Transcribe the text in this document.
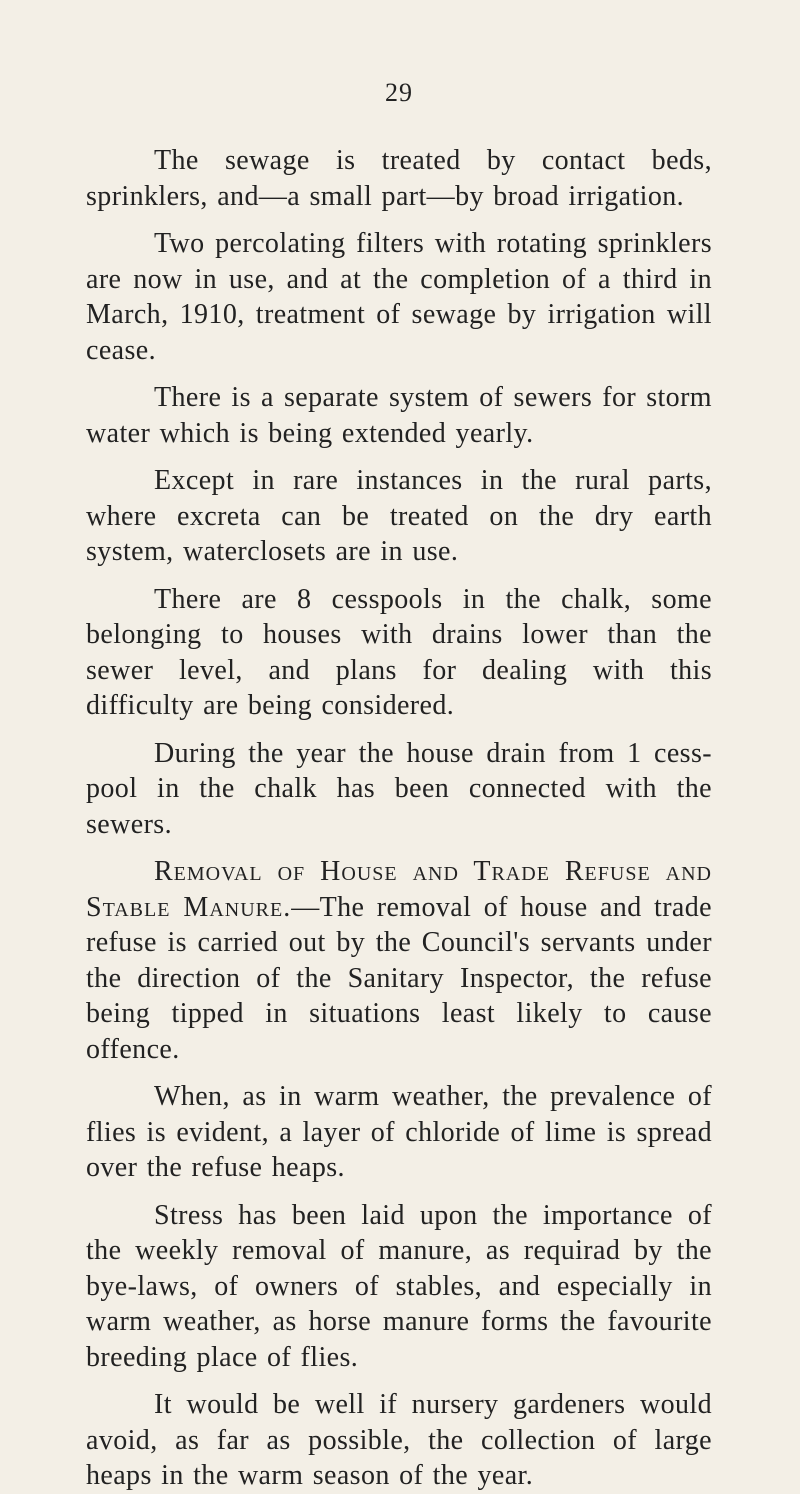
29

The sewage is treated by contact beds, sprinklers, and—a small part—by broad irrigation.

Two percolating filters with rotating sprinklers are now in use, and at the completion of a third in March, 1910, treatment of sewage by irrigation will cease.

There is a separate system of sewers for storm water which is being extended yearly.

Except in rare instances in the rural parts, where excreta can be treated on the dry earth system, waterclosets are in use.

There are 8 cesspools in the chalk, some belonging to houses with drains lower than the sewer level, and plans for dealing with this difficulty are being considered.

During the year the house drain from 1 cess-pool in the chalk has been connected with the sewers.

Removal of House and Trade Refuse and Stable Manure.—The removal of house and trade refuse is carried out by the Council's servants under the direction of the Sanitary Inspector, the refuse being tipped in situations least likely to cause offence.

When, as in warm weather, the prevalence of flies is evident, a layer of chloride of lime is spread over the refuse heaps.

Stress has been laid upon the importance of the weekly removal of manure, as requirad by the bye-laws, of owners of stables, and especially in warm weather, as horse manure forms the favourite breeding place of flies.

It would be well if nursery gardeners would avoid, as far as possible, the collection of large heaps in the warm season of the year.
